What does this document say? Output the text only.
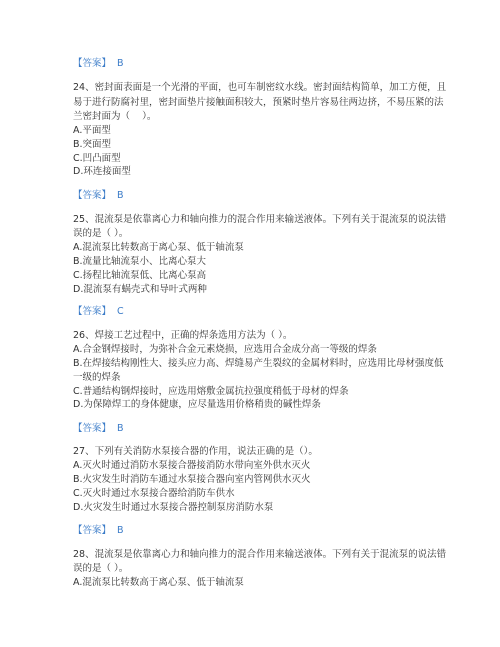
【答案】  B
24、密封面表面是一个光滑的平面，也可车制密纹水线。密封面结构简单，加工方便，且
易于进行防腐衬里，密封面垫片接触面积较大，预紧时垫片容易往两边挤，不易压紧的法
兰密封面为（    ）。
A.平面型
B.突面型
C.凹凸面型
D.环连接面型
【答案】  B
25、混流泵是依靠离心力和轴向推力的混合作用来输送液体。下列有关于混流泵的说法错
误的是（ ）。
A.混流泵比转数高于离心泵、低于轴流泵
B.流量比轴流泵小、比离心泵大
C.扬程比轴流泵低、比离心泵高
D.混流泵有蜗壳式和导叶式两种
【答案】  C
26、焊接工艺过程中，正确的焊条选用方法为（ ）。
A.合金钢焊接时，为弥补合金元素烧损，应选用合金成分高一等级的焊条
B.在焊接结构刚性大、接头应力高、焊缝易产生裂纹的金属材料时，应选用比母材强度低
一级的焊条
C.普通结构钢焊接时，应选用熔敷金属抗拉强度稍低于母材的焊条
D.为保障焊工的身体健康，应尽量选用价格稍贵的碱性焊条
【答案】  B
27、下列有关消防水泵接合器的作用，说法正确的是（）。
A.灭火时通过消防水泵接合器接消防水带向室外供水灭火
B.火灾发生时消防车通过水泵接合器向室内管网供水灭火
C.灭火时通过水泵接合器给消防车供水
D.火灾发生时通过水泵接合器控制泵房消防水泵
【答案】  B
28、混流泵是依靠离心力和轴向推力的混合作用来输送液体。下列有关于混流泵的说法错
误的是（ ）。
A.混流泵比转数高于离心泵、低于轴流泵
